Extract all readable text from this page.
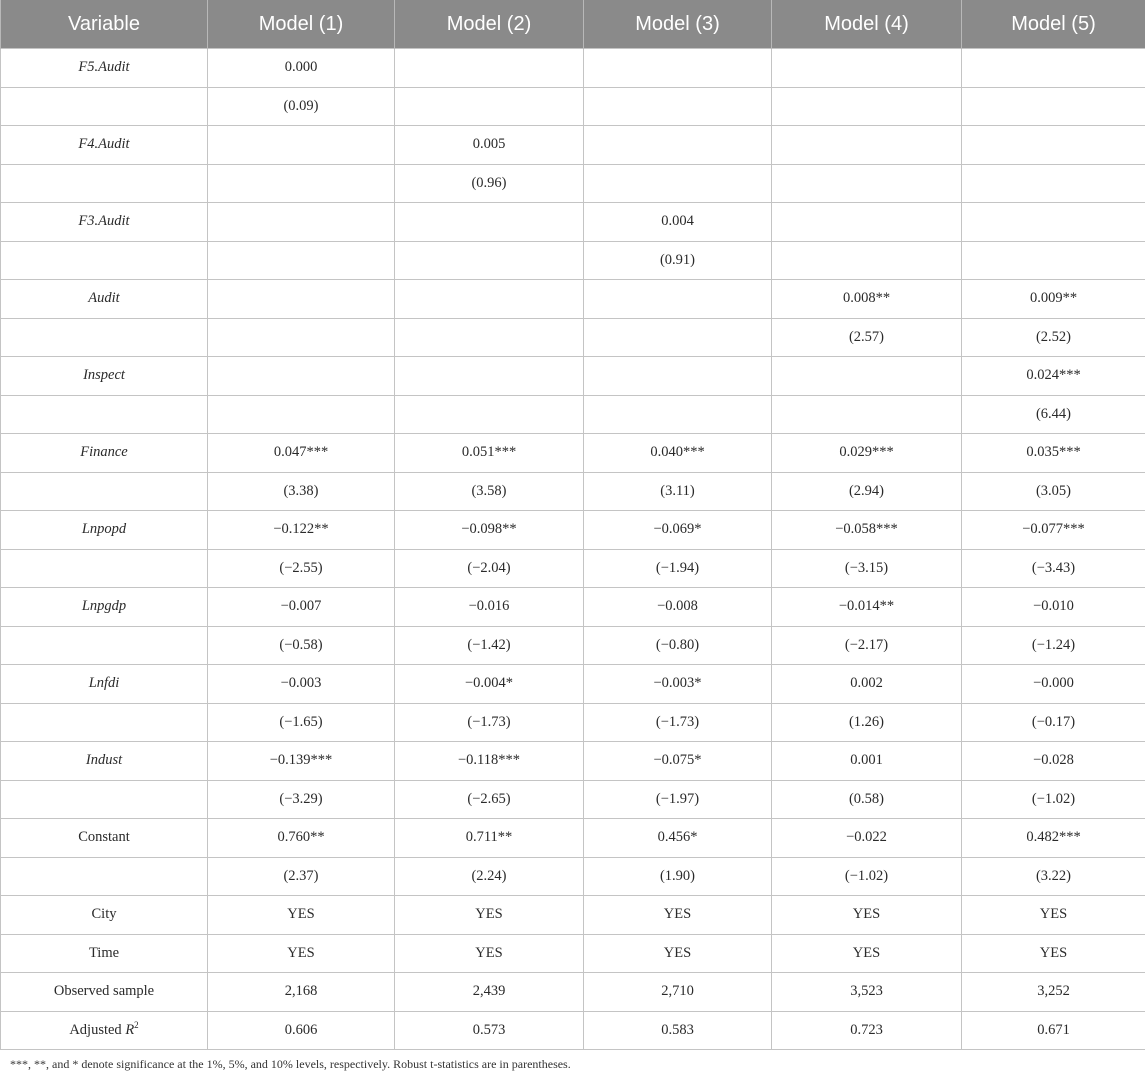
Variable	Model (1)	Model (2)	Model (3)	Model (4)	Model (5)
F5.Audit	0.000				
	(0.09)				
F4.Audit		0.005			
		(0.96)			
F3.Audit			0.004		
			(0.91)		
Audit				0.008**	0.009**
				(2.57)	(2.52)
Inspect					0.024***
					(6.44)
Finance	0.047***	0.051***	0.040***	0.029***	0.035***
	(3.38)	(3.58)	(3.11)	(2.94)	(3.05)
Lnpopd	−0.122**	−0.098**	−0.069*	−0.058***	−0.077***
	(−2.55)	(−2.04)	(−1.94)	(−3.15)	(−3.43)
Lnpgdp	−0.007	−0.016	−0.008	−0.014**	−0.010
	(−0.58)	(−1.42)	(−0.80)	(−2.17)	(−1.24)
Lnfdi	−0.003	−0.004*	−0.003*	0.002	−0.000
	(−1.65)	(−1.73)	(−1.73)	(1.26)	(−0.17)
Indust	−0.139***	−0.118***	−0.075*	0.001	−0.028
	(−3.29)	(−2.65)	(−1.97)	(0.58)	(−1.02)
Constant	0.760**	0.711**	0.456*	−0.022	0.482***
	(2.37)	(2.24)	(1.90)	(−1.02)	(3.22)
City	YES	YES	YES	YES	YES
Time	YES	YES	YES	YES	YES
Observed sample	2,168	2,439	2,710	3,523	3,252
Adjusted $R^2$	0.606	0.573	0.583	0.723	0.671
***, **, and * denote significance at the 1%, 5%, and 10% levels, respectively. Robust t-statistics are in parentheses.
